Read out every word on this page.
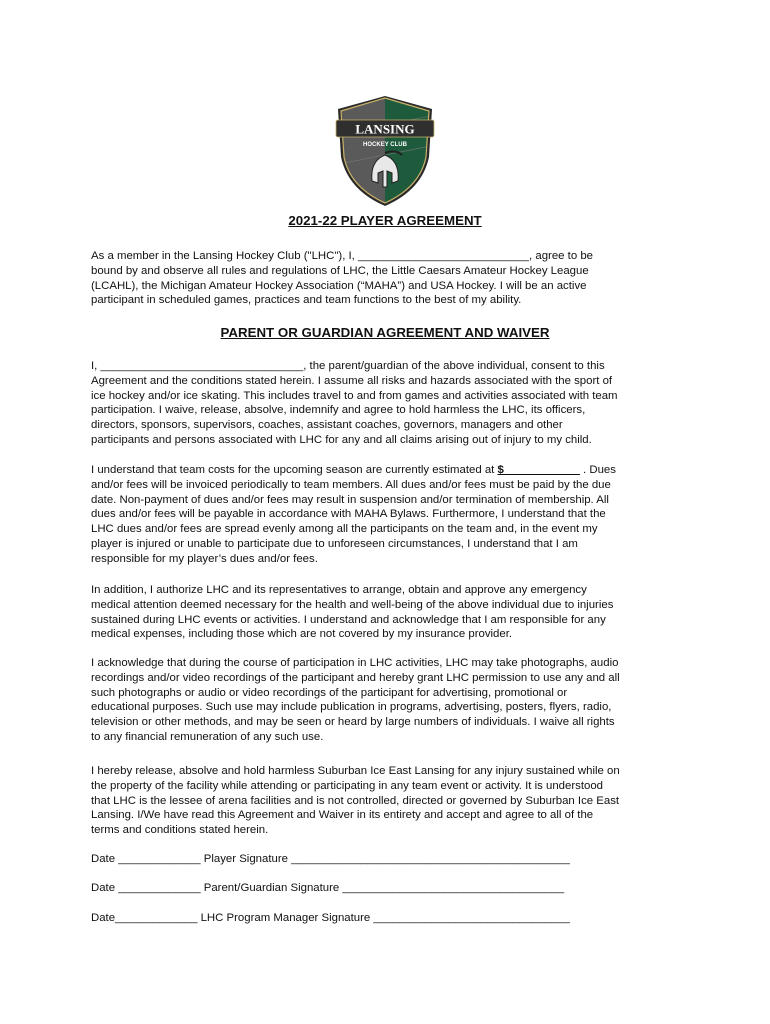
LANSING
HOCKEY CLUB
2021-22 PLAYER AGREEMENT

As a member in the Lansing Hockey Club ("LHC"), I, ___________________________, agree to be
bound by and observe all rules and regulations of LHC, the Little Caesars Amateur Hockey League
(LCAHL), the Michigan Amateur Hockey Association (“MAHA”) and USA Hockey. I will be an active
participant in scheduled games, practices and team functions to the best of my ability.

PARENT OR GUARDIAN AGREEMENT AND WAIVER

I, ________________________________, the parent/guardian of the above individual, consent to this
Agreement and the conditions stated herein. I assume all risks and hazards associated with the sport of
ice hockey and/or ice skating. This includes travel to and from games and activities associated with team
participation. I waive, release, absolve, indemnify and agree to hold harmless the LHC, its officers,
directors, sponsors, supervisors, coaches, assistant coaches, governors, managers and other
participants and persons associated with LHC for any and all claims arising out of injury to my child.

I understand that team costs for the upcoming season are currently estimated at $____________ . Dues
and/or fees will be invoiced periodically to team members. All dues and/or fees must be paid by the due
date. Non-payment of dues and/or fees may result in suspension and/or termination of membership. All
dues and/or fees will be payable in accordance with MAHA Bylaws. Furthermore, I understand that the
LHC dues and/or fees are spread evenly among all the participants on the team and, in the event my
player is injured or unable to participate due to unforeseen circumstances, I understand that I am
responsible for my player’s dues and/or fees.

In addition, I authorize LHC and its representatives to arrange, obtain and approve any emergency
medical attention deemed necessary for the health and well-being of the above individual due to injuries
sustained during LHC events or activities. I understand and acknowledge that I am responsible for any
medical expenses, including those which are not covered by my insurance provider.

I acknowledge that during the course of participation in LHC activities, LHC may take photographs, audio
recordings and/or video recordings of the participant and hereby grant LHC permission to use any and all
such photographs or audio or video recordings of the participant for advertising, promotional or
educational purposes. Such use may include publication in programs, advertising, posters, flyers, radio,
television or other methods, and may be seen or heard by large numbers of individuals. I waive all rights
to any financial remuneration of any such use.

I hereby release, absolve and hold harmless Suburban Ice East Lansing for any injury sustained while on
the property of the facility while attending or participating in any team event or activity. It is understood
that LHC is the lessee of arena facilities and is not controlled, directed or governed by Suburban Ice East
Lansing. I/We have read this Agreement and Waiver in its entirety and accept and agree to all of the
terms and conditions stated herein.

Date _____________ Player Signature ____________________________________________
Date _____________ Parent/Guardian Signature ___________________________________
Date_____________ LHC Program Manager Signature _______________________________
